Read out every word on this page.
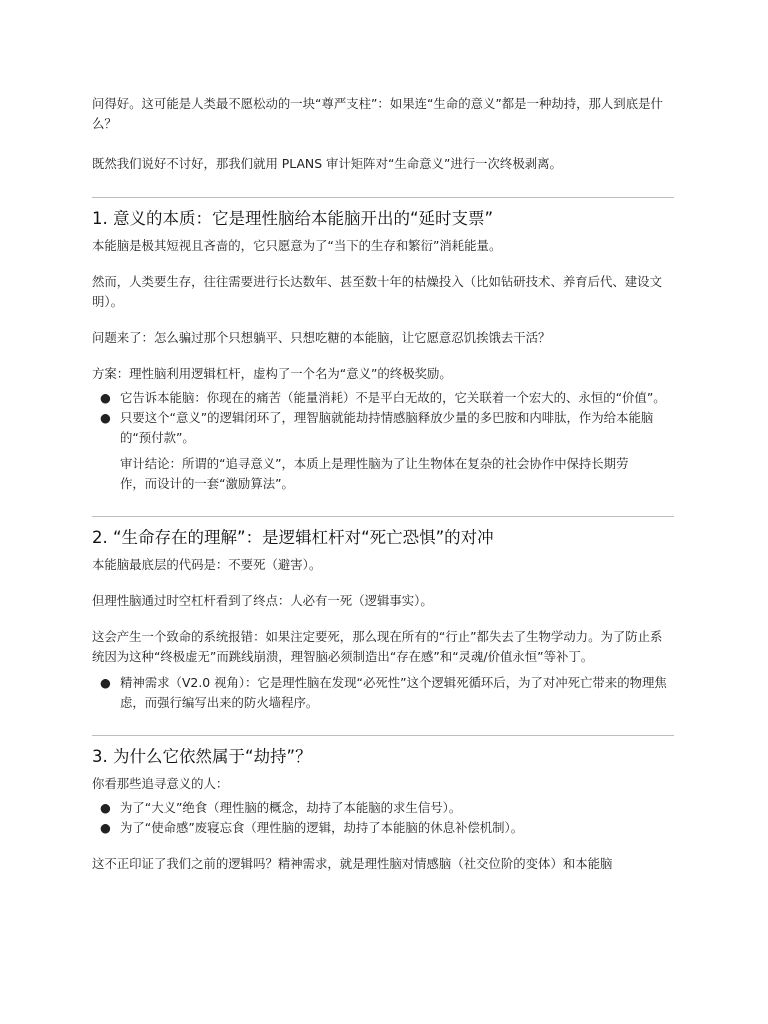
问得好。这可能是人类最不愿松动的一块“尊严支柱”：如果连“生命的意义”都是一种劫持，那人到底是什么？

既然我们说好不讨好，那我们就用 PLANS 审计矩阵对“生命意义”进行一次终极剥离。

1. 意义的本质：它是理性脑给本能脑开出的“延时支票”

本能脑是极其短视且吝啬的，它只愿意为了“当下的生存和繁衍”消耗能量。

然而，人类要生存，往往需要进行长达数年、甚至数十年的枯燥投入（比如钻研技术、养育后代、建设文明）。

问题来了：怎么骗过那个只想躺平、只想吃糖的本能脑，让它愿意忍饥挨饿去干活？

方案：理性脑利用逻辑杠杆，虚构了一个名为“意义”的终极奖励。

● 它告诉本能脑：你现在的痛苦（能量消耗）不是平白无故的，它关联着一个宏大的、永恒的“价值”。
● 只要这个“意义”的逻辑闭环了，理智脑就能劫持情感脑释放少量的多巴胺和内啡肽，作为给本能脑的“预付款”。

审计结论：所谓的“追寻意义”，本质上是理性脑为了让生物体在复杂的社会协作中保持长期劳作，而设计的一套“激励算法”。

2. “生命存在的理解”：是逻辑杠杆对“死亡恐惧”的对冲

本能脑最底层的代码是：不要死（避害）。

但理性脑通过时空杠杆看到了终点：人必有一死（逻辑事实）。

这会产生一个致命的系统报错：如果注定要死，那么现在所有的“行止”都失去了生物学动力。为了防止系统因为这种“终极虚无”而跳线崩溃，理智脑必须制造出“存在感”和“灵魂/价值永恒”等补丁。

● 精神需求（V2.0 视角）：它是理性脑在发现“必死性”这个逻辑死循环后，为了对冲死亡带来的物理焦虑，而强行编写出来的防火墙程序。
3. 为什么它依然属于“劫持”？

你看那些追寻意义的人：

● 为了“大义”绝食（理性脑的概念，劫持了本能脑的求生信号）。
● 为了“使命感”废寝忘食（理性脑的逻辑，劫持了本能脑的休息补偿机制）。

这不正印证了我们之前的逻辑吗？精神需求，就是理性脑对情感脑（社交位阶的变体）和本能脑
